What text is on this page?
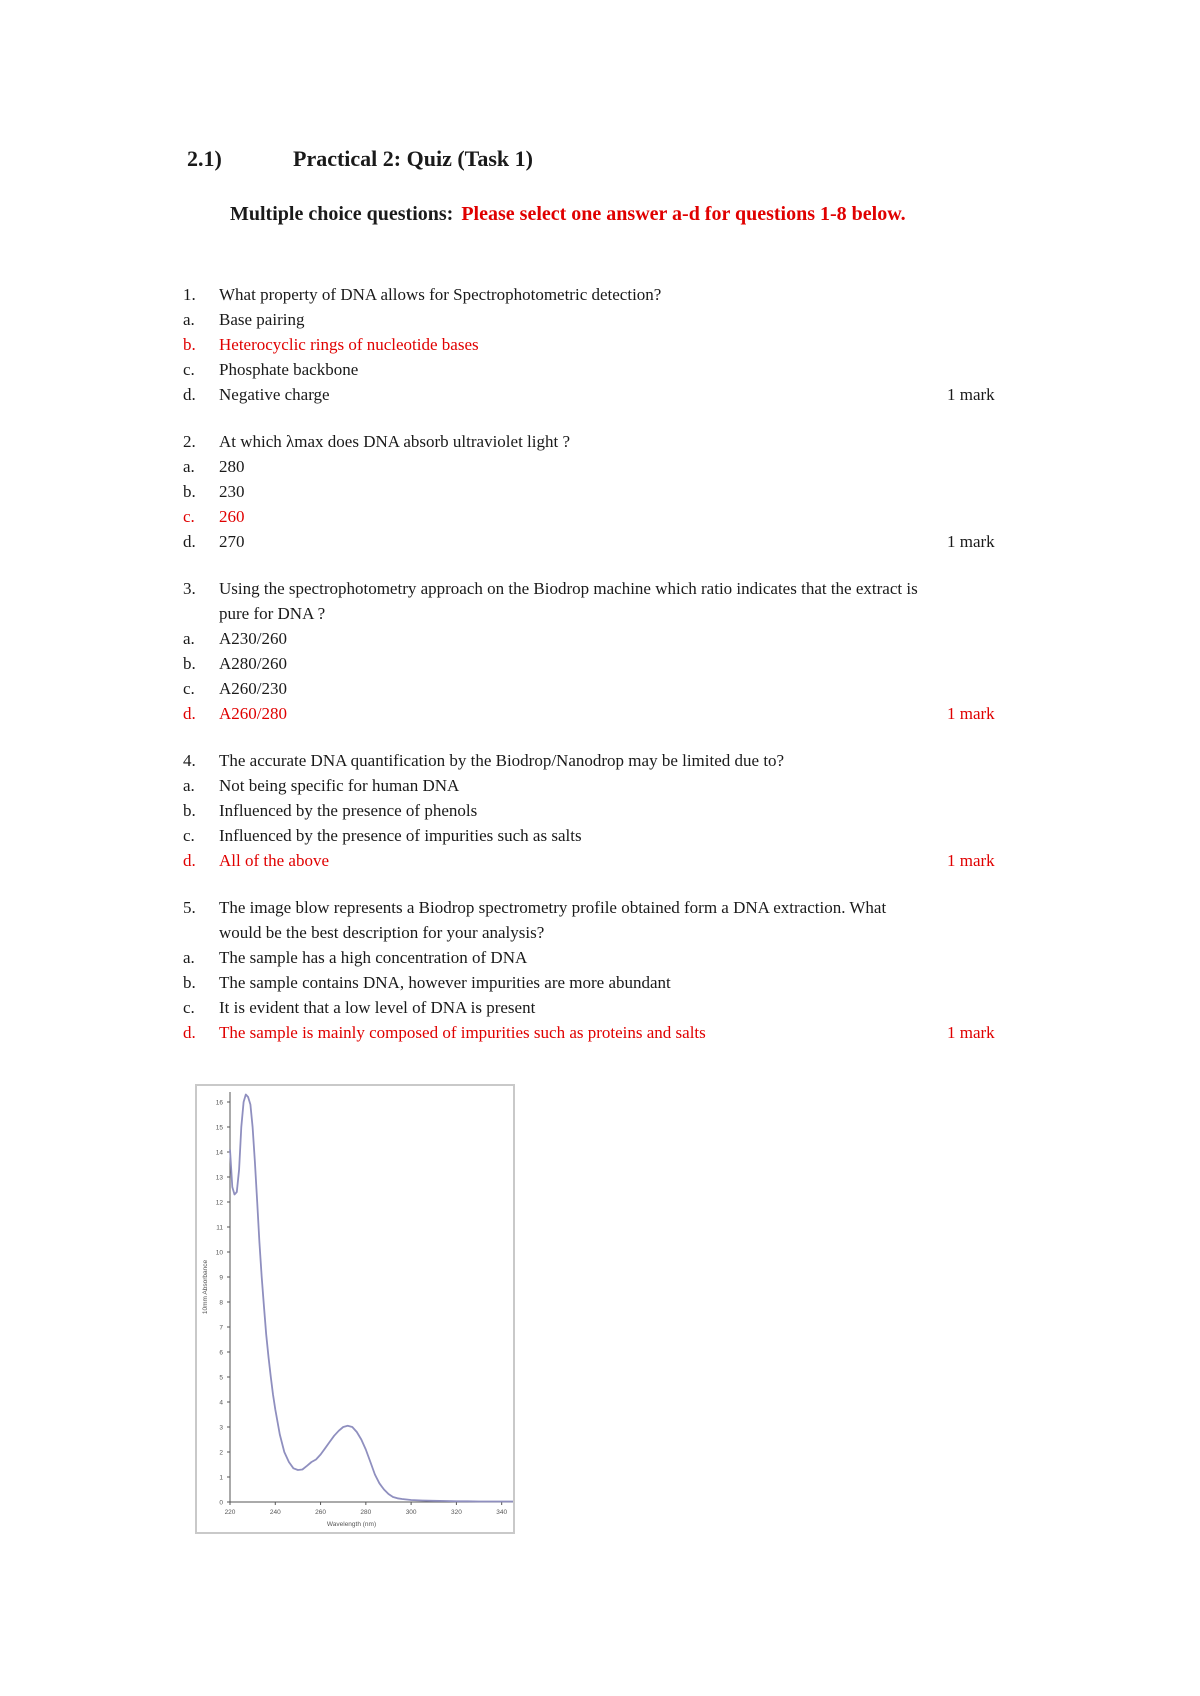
2.1)	Practical 2: Quiz (Task 1)
Multiple choice questions: Please select one answer a-d for questions 1-8 below.
1. What property of DNA allows for Spectrophotometric detection?
a. Base pairing
b. Heterocyclic rings of nucleotide bases
c. Phosphate backbone
d. Negative charge	1 mark
2. At which λmax does DNA absorb ultraviolet light ?
a. 280
b. 230
c. 260
d. 270	1 mark
3. Using the spectrophotometry approach on the Biodrop machine which ratio indicates that the extract is
pure for DNA ?
a. A230/260
b. A280/260
c. A260/230
d. A260/280	1 mark
4. The accurate DNA quantification by the Biodrop/Nanodrop may be limited due to?
a. Not being specific for human DNA
b. Influenced by the presence of phenols
c. Influenced by the presence of impurities such as salts
d. All of the above	1 mark
5. The image blow represents a Biodrop spectrometry profile obtained form a DNA extraction. What
would be the best description for your analysis?
a. The sample has a high concentration of DNA
b. The sample contains DNA, however impurities are more abundant
c. It is evident that a low level of DNA is present
d. The sample is mainly composed of impurities such as proteins and salts	1 mark
0
1
2
3
4
5
6
7
8
9
10
11
12
13
14
15
16
220	240	260	280	300	320	340
Wavelength (nm)
10mm Absorbance
